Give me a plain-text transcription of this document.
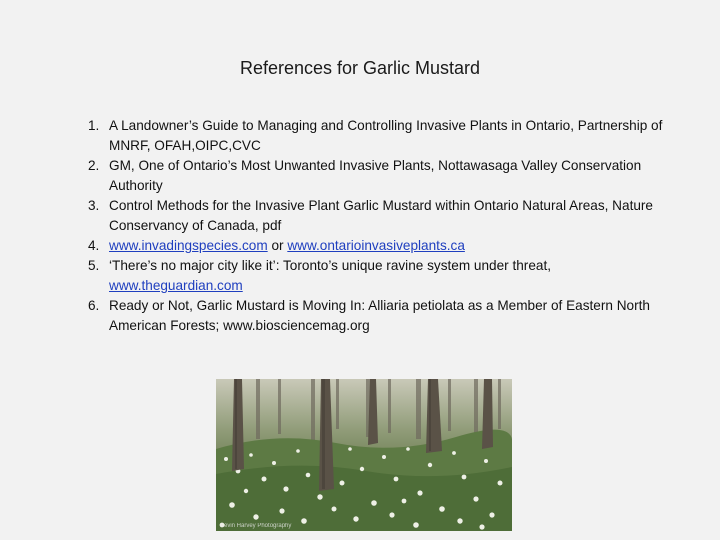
References for Garlic Mustard
1. A Landowner’s Guide to Managing and Controlling Invasive Plants in Ontario, Partnership of MNRF, OFAH,OIPC,CVC
2. GM, One of Ontario’s Most Unwanted Invasive Plants, Nottawasaga Valley Conservation Authority
3. Control Methods for the Invasive Plant Garlic Mustard within Ontario Natural Areas, Nature Conservancy of Canada, pdf
4. www.invadingspecies.com or www.ontarioinvasiveplants.ca
5. ‘There’s no major city like it’: Toronto’s unique ravine system under threat, www.theguardian.com
6. Ready or Not, Garlic Mustard is Moving In: Alliaria petiolata as a Member of Eastern North American Forests; www.biosciencemag.org
Kevin Harvey Photography
